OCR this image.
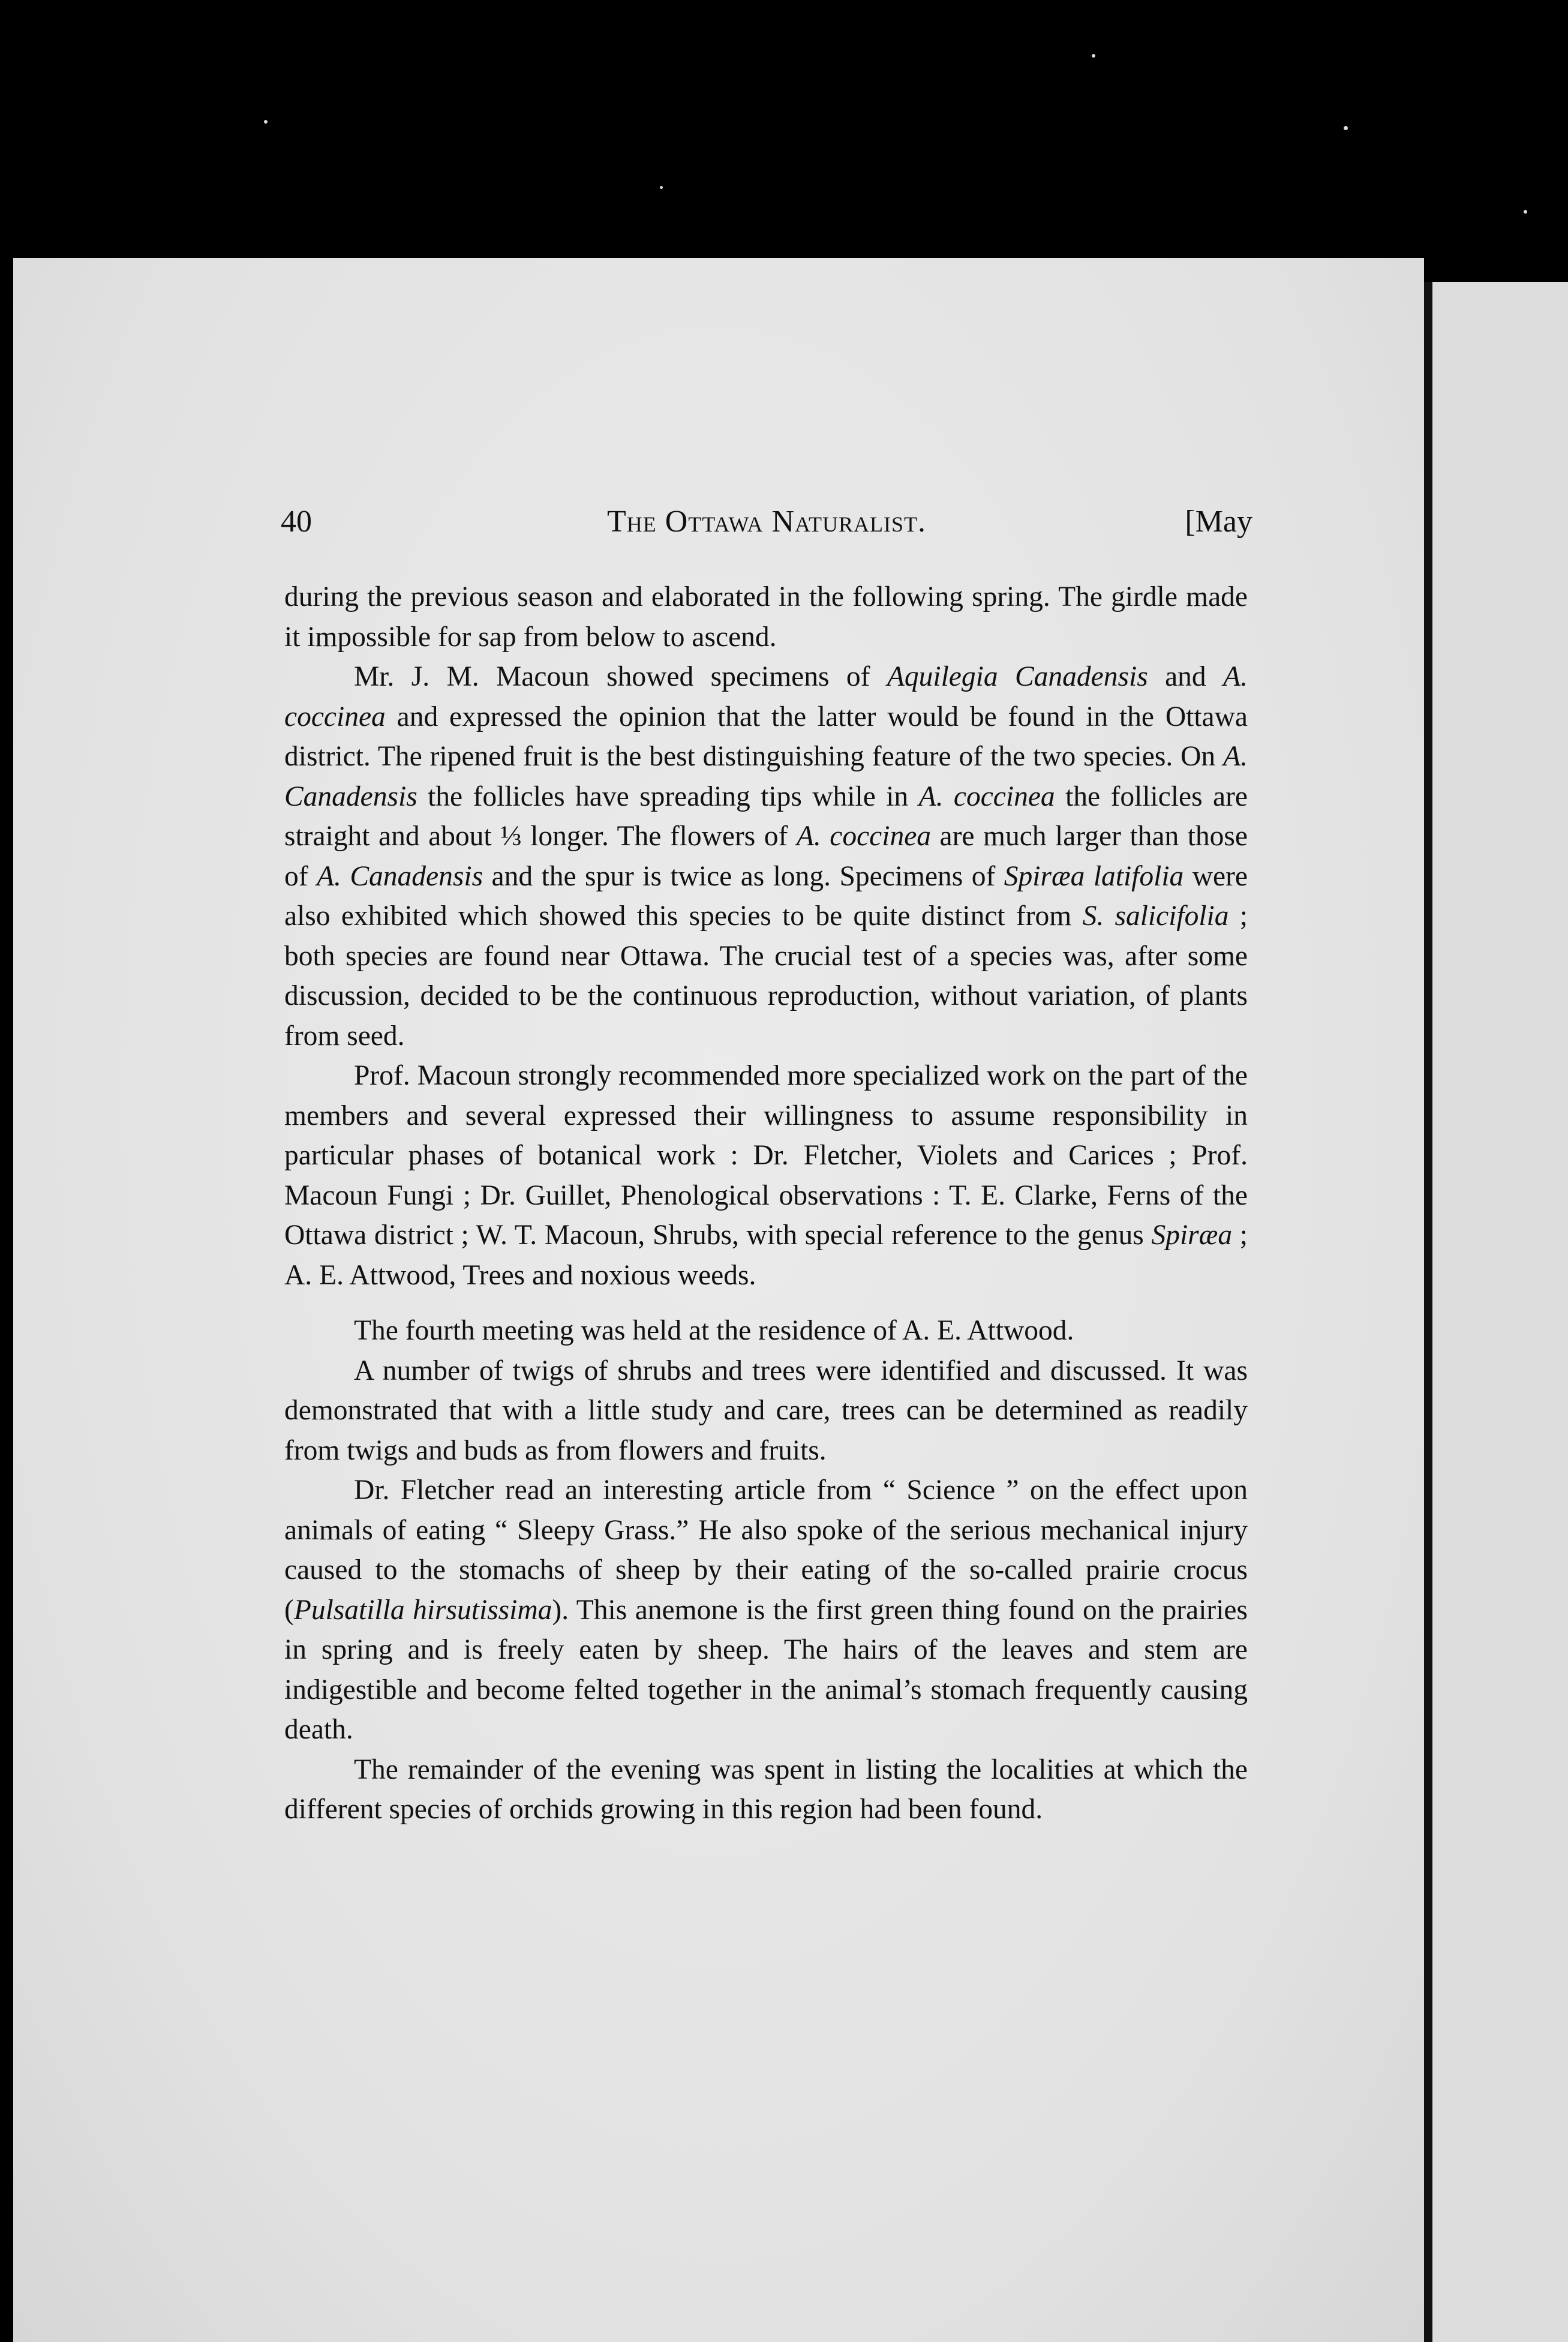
40	The Ottawa Naturalist.	[May

during the previous season and elaborated in the following spring. The girdle made it impossible for sap from below to ascend.

Mr. J. M. Macoun showed specimens of Aquilegia Canadensis and A. coccinea and expressed the opinion that the latter would be found in the Ottawa district. The ripened fruit is the best distinguishing feature of the two species. On A. Canadensis the follicles have spreading tips while in A. coccinea the follicles are straight and about ⅓ longer. The flowers of A. coccinea are much larger than those of A. Canadensis and the spur is twice as long. Specimens of Spiræa latifolia were also exhibited which showed this species to be quite distinct from S. salicifolia ; both species are found near Ottawa. The crucial test of a species was, after some discussion, decided to be the continuous reproduction, without variation, of plants from seed.

Prof. Macoun strongly recommended more specialized work on the part of the members and several expressed their willingness to assume responsibility in particular phases of botanical work : Dr. Fletcher, Violets and Carices ; Prof. Macoun Fungi ; Dr. Guillet, Phenological observations : T. E. Clarke, Ferns of the Ottawa district ; W. T. Macoun, Shrubs, with special reference to the genus Spiræa ; A. E. Attwood, Trees and noxious weeds.

The fourth meeting was held at the residence of A. E. Attwood.

A number of twigs of shrubs and trees were identified and discussed. It was demonstrated that with a little study and care, trees can be determined as readily from twigs and buds as from flowers and fruits.

Dr. Fletcher read an interesting article from “ Science ” on the effect upon animals of eating “ Sleepy Grass.” He also spoke of the serious mechanical injury caused to the stomachs of sheep by their eating of the so-called prairie crocus (Pulsatilla hirsutissima). This anemone is the first green thing found on the prairies in spring and is freely eaten by sheep. The hairs of the leaves and stem are indigestible and become felted together in the animal’s stomach frequently causing death.

The remainder of the evening was spent in listing the localities at which the different species of orchids growing in this region had been found.
